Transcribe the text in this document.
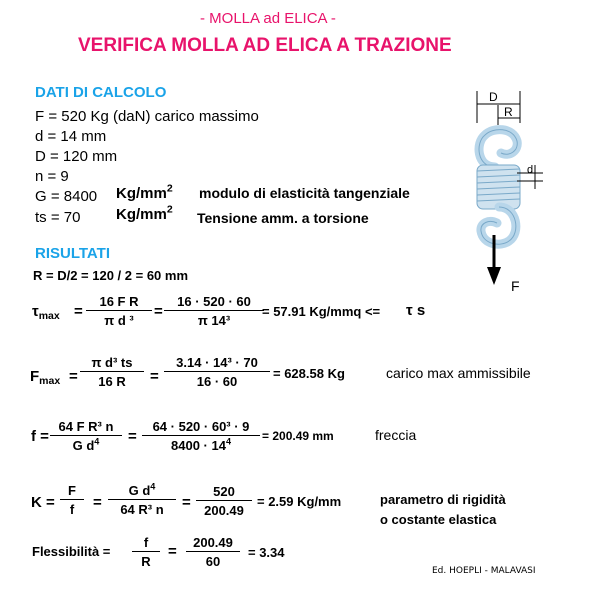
- MOLLA ad ELICA -
VERIFICA MOLLA AD ELICA A TRAZIONE
DATI DI CALCOLO
F = 520 Kg (daN) carico massimo
d = 14 mm
D = 120 mm
n = 9
G = 8400 $Kg/mm^2$ modulo di elasticità tangenziale
ts = 70 $Kg/mm^2$
Tensione amm. a torsione
RISULTATI
R = D/2 = 120 / 2 = 60 mm
$\tau_{max}$ =
16 F R
π d ³
=
16 · 520 · 60
π 14³
= 57.91 Kg/mmq <= τ s
$F_{max}$ =
π d³ ts
16 R	=
3.14 · 14³ · 70
16 · 60
= 628.58 Kg	carico max ammissibile
f =
64 F R³ n
G $d^4$	=
64 · 520 · 60³ · 9
$8400 \cdot 14^4$	= 200.49 mm	freccia
K =
F
f	=
G $d^4$
64 R³ n	=
520
200.49
= 2.59 Kg/mm	parametro di rigidità
o costante elastica
Flessibilità =
f
R
=
200.49
60
= 3.34
Ed. HOEPLI - MALAVASI
D
R
d
F
